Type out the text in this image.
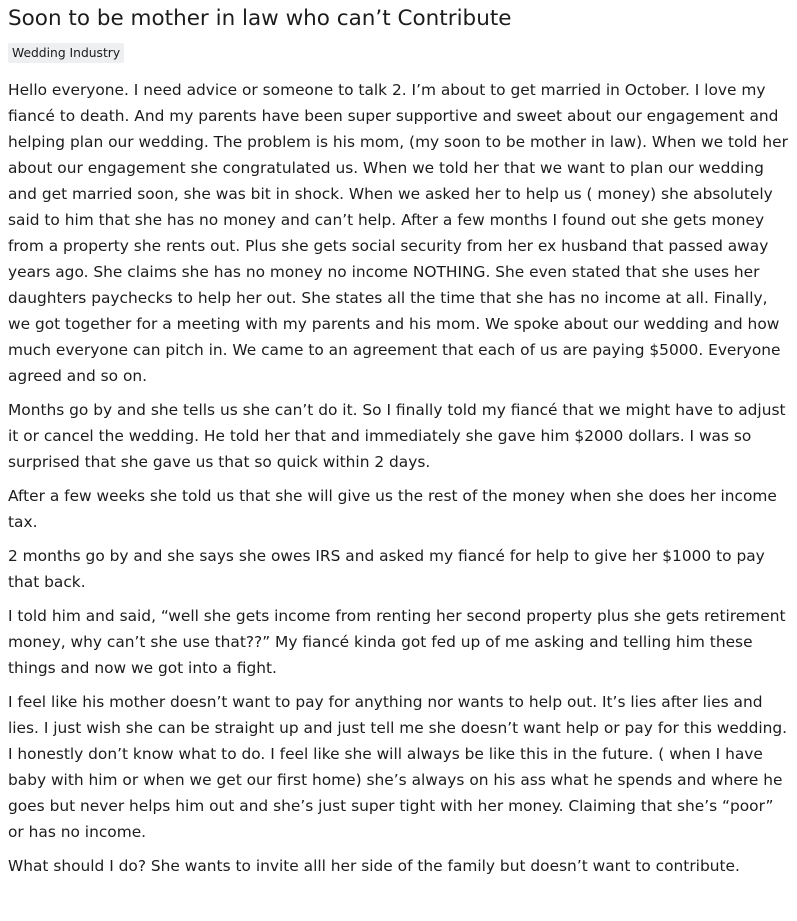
Soon to be mother in law who can’t Contribute
Wedding Industry

Hello everyone. I need advice or someone to talk 2. I’m about to get married in October. I love my fiancé to death. And my parents have been super supportive and sweet about our engagement and helping plan our wedding. The problem is his mom, (my soon to be mother in law). When we told her about our engagement she congratulated us. When we told her that we want to plan our wedding and get married soon, she was bit in shock. When we asked her to help us ( money) she absolutely said to him that she has no money and can’t help. After a few months I found out she gets money from a property she rents out. Plus she gets social security from her ex husband that passed away years ago. She claims she has no money no income NOTHING. She even stated that she uses her daughters paychecks to help her out. She states all the time that she has no income at all. Finally, we got together for a meeting with my parents and his mom. We spoke about our wedding and how much everyone can pitch in. We came to an agreement that each of us are paying $5000. Everyone agreed and so on.

Months go by and she tells us she can’t do it. So I finally told my fiancé that we might have to adjust it or cancel the wedding. He told her that and immediately she gave him $2000 dollars. I was so surprised that she gave us that so quick within 2 days.

After a few weeks she told us that she will give us the rest of the money when she does her income tax.

2 months go by and she says she owes IRS and asked my fiancé for help to give her $1000 to pay that back.

I told him and said, “well she gets income from renting her second property plus she gets retirement money, why can’t she use that??” My fiancé kinda got fed up of me asking and telling him these things and now we got into a fight.

I feel like his mother doesn’t want to pay for anything nor wants to help out. It’s lies after lies and lies. I just wish she can be straight up and just tell me she doesn’t want help or pay for this wedding. I honestly don’t know what to do. I feel like she will always be like this in the future. ( when I have baby with him or when we get our first home) she’s always on his ass what he spends and where he goes but never helps him out and she’s just super tight with her money. Claiming that she’s “poor” or has no income.

What should I do? She wants to invite alll her side of the family but doesn’t want to contribute.
